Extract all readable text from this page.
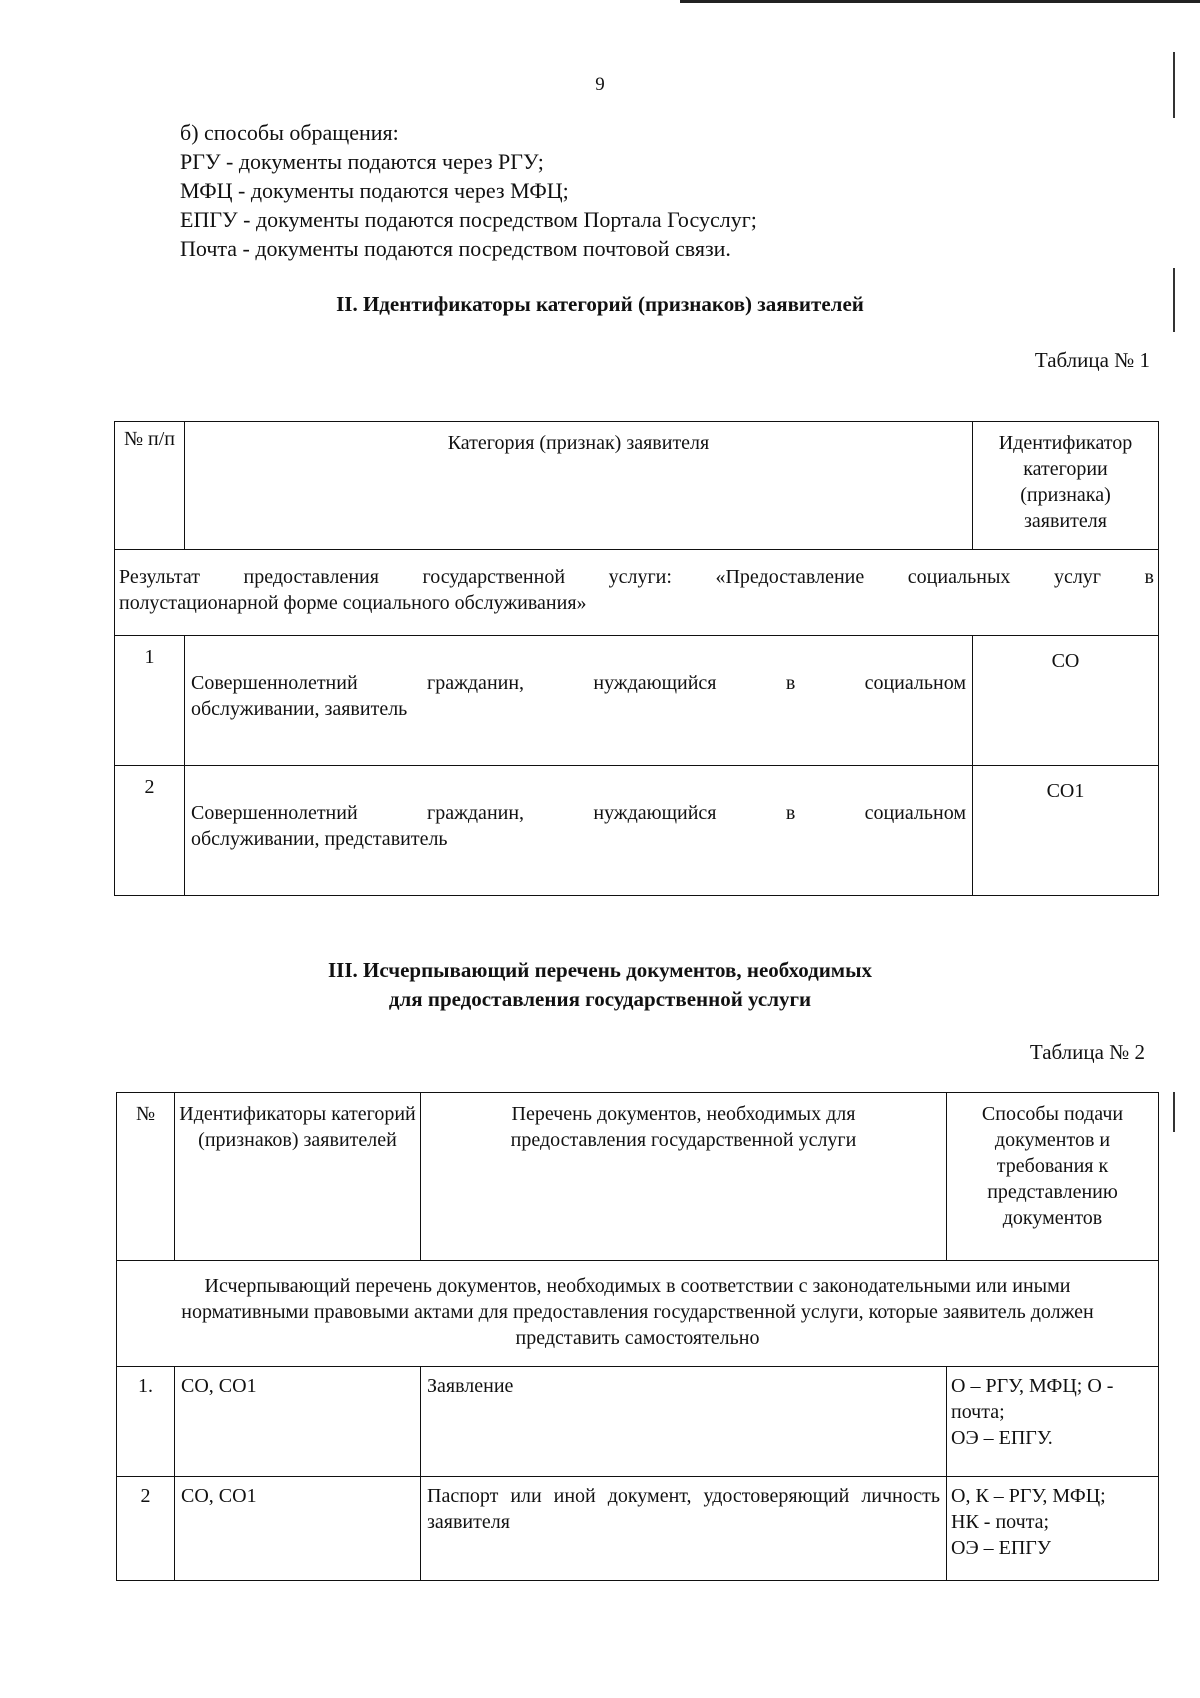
9
б) способы обращения:
РГУ - документы подаются через РГУ;
МФЦ - документы подаются через МФЦ;
ЕПГУ - документы подаются посредством Портала Госуслуг;
Почта - документы подаются посредством почтовой связи.
II. Идентификаторы категорий (признаков) заявителей
Таблица № 1
№ п/п	Категория (признак) заявителя	Идентификатор категории (признака) заявителя

Результат предоставления государственной услуги: «Предоставление социальных услуг в
полустационарной форме социального обслуживания»		

1	Совершеннолетний гражданин, нуждающийся в социальном
обслуживании, заявитель	СО
2	Совершеннолетний гражданин, нуждающийся в социальном
обслуживании, представитель	СО1
III. Исчерпывающий перечень документов, необходимых
для предоставления государственной услуги
Таблица № 2
№	Идентификаторы категорий (признаков) заявителей	Перечень документов, необходимых для предоставления государственной услуги	Способы подачи документов и требования к представлению документов
Исчерпывающий перечень документов, необходимых в соответствии с законодательными или иными нормативными правовыми актами для предоставления государственной услуги, которые заявитель должен представить самостоятельно			
1.	СО, СО1	Заявление	О – РГУ, МФЦ; О -
почта;
ОЭ – ЕПГУ.

2	СО, СО1	Паспорт или иной документ, удостоверяющий личность заявителя	О, К – РГУ, МФЦ;
НК - почта;
ОЭ – ЕПГУ
